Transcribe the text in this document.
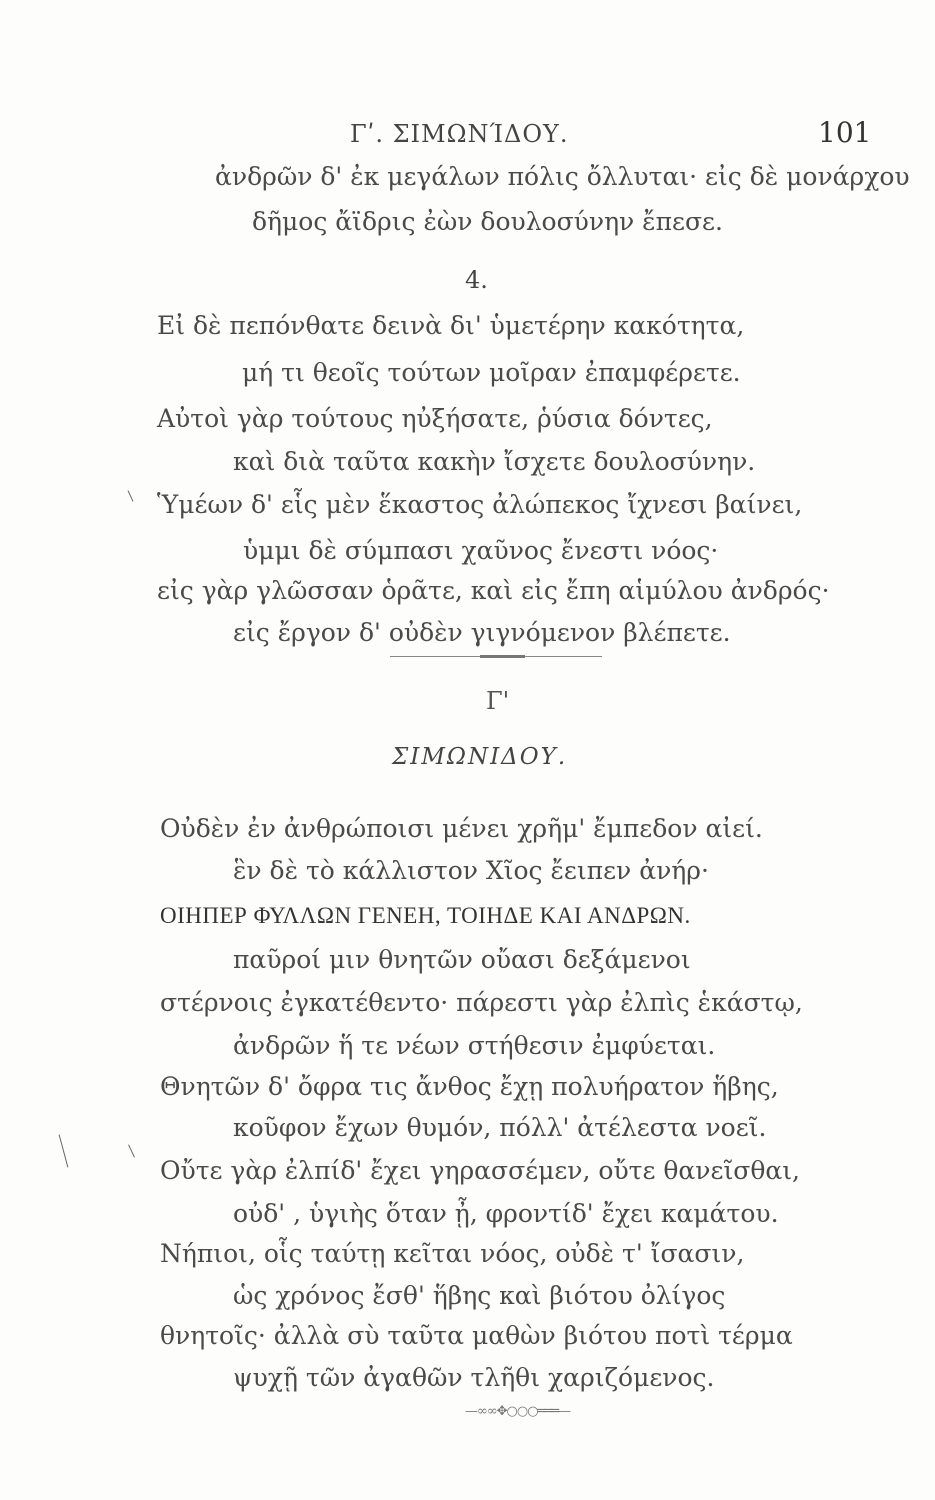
Γʹ. ΣΙΜΩΝΊΔΟΥ.	101
ἀνδρῶν δ' ἐκ μεγάλων πόλις ὄλλυται· εἰς δὲ μονάρχου
δῆμος ἄϊδρις ἐὼν δουλοσύνην ἔπεσε.
4.
Εἰ δὲ πεπόνθατε δεινὰ δι' ὑμετέρην κακότητα,
μή τι θεοῖς τούτων μοῖραν ἐπαμφέρετε.
Αὐτοὶ γὰρ τούτους ηὐξήσατε, ῥύσια δόντες,
καὶ διὰ ταῦτα κακὴν ἴσχετε δουλοσύνην.
Ὑμέων δ' εἷς μὲν ἕκαστος ἀλώπεκος ἴχνεσι βαίνει,
ὑμμι δὲ σύμπασι χαῦνος ἔνεστι νόος·
εἰς γὰρ γλῶσσαν ὁρᾶτε, καὶ εἰς ἔπη αἱμύλου ἀνδρός·
εἰς ἔργον δ' οὐδὲν γιγνόμενον βλέπετε.
Γ'
ΣΙΜΩΝΙΔΟΥ.
Οὐδὲν ἐν ἀνθρώποισι μένει χρῆμ' ἔμπεδον αἰεί.
ἓν δὲ τὸ κάλλιστον Χῖος ἔειπεν ἀνήρ·
ΟΙΗΠΕΡ ΦΥΛΛΩΝ ΓΕΝΕΗ, ΤΟΙΗΔΕ ΚΑΙ ΑΝΔΡΩΝ.
παῦροί μιν θνητῶν οὔασι δεξάμενοι
στέρνοις ἐγκατέθεντο· πάρεστι γὰρ ἐλπὶς ἑκάστῳ,
ἀνδρῶν ἥ τε νέων στήθεσιν ἐμφύεται.
Θνητῶν δ' ὄφρα τις ἄνθος ἔχῃ πολυήρατον ἥβης,
κοῦφον ἔχων θυμόν, πόλλ' ἀτέλεστα νοεῖ.
Οὔτε γὰρ ἐλπίδ' ἔχει γηρασσέμεν, οὔτε θανεῖσθαι,
οὐδ' , ὑγιὴς ὅταν ᾖ, φροντίδ' ἔχει καμάτου.
Νήπιοι, οἷς ταύτῃ κεῖται νόος, οὐδὲ τ' ἴσασιν,
ὡς χρόνος ἔσθ' ἥβης καὶ βιότου ὀλίγος
θνητοῖς· ἀλλὰ σὺ ταῦτα μαθὼν βιότου ποτὶ τέρμα
ψυχῇ τῶν ἀγαθῶν τλῆθι χαριζόμενος.
—∞∞✥○○○═══—
